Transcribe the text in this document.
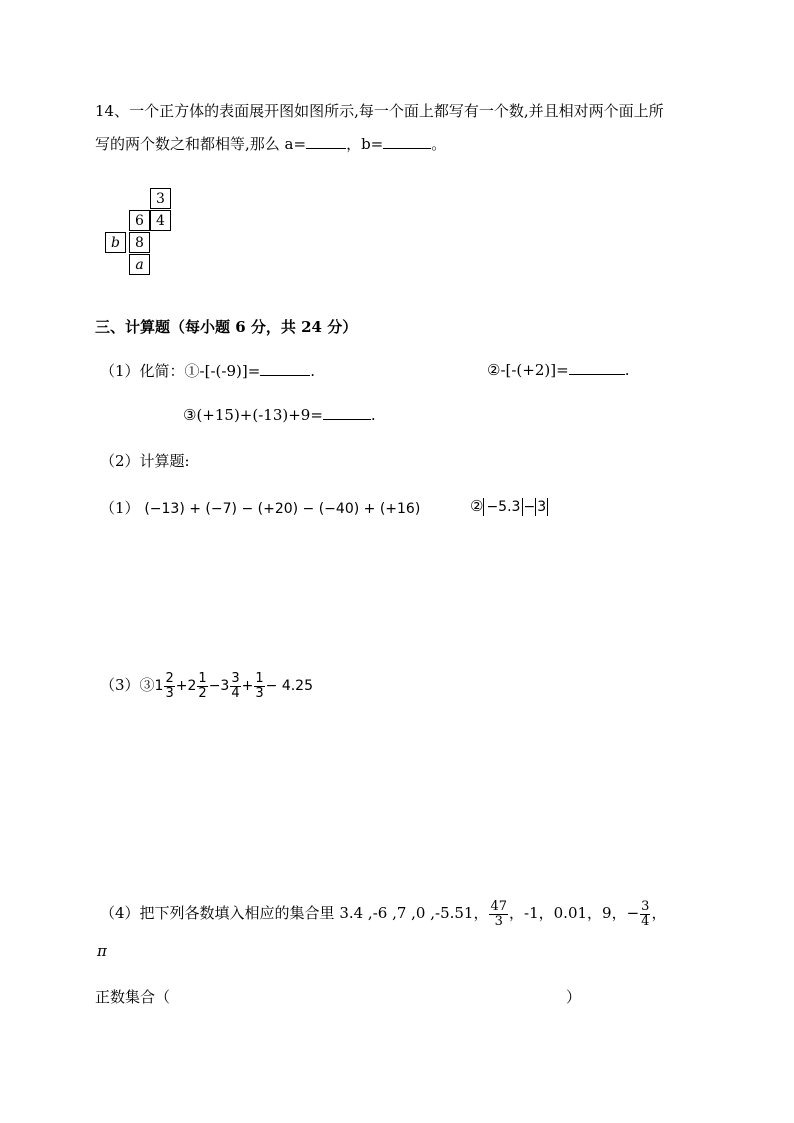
14、一个正方体的表面展开图如图所示,每一个面上都写有一个数,并且相对两个面上所
写的两个数之和都相等,那么 a=	，b=	。
3
6 4
b	8
a
三、计算题（每小题 6 分，共 24 分）
（1）化简：①-[-(-9)]=	.	②-[-(+2)]=	.
③(+15)+(-13)+9=	.
（2）计算题:
（1） (−13) + (−7) − (+20) − (−40) + (+16)	② −5.3 − 3
（3）③1 $\frac{2}{3} +2 \frac{1}{2} -3 \frac{3}{4} + \frac{1}{3} - 4.25$
（4）把下列各数填入相应的集合里 3.4 ,-6 ,7 ,0 ,-5.51， $\frac{47}{3}$ ，-1，0.01，9，− $\frac{3}{4}$ ，
π
正数集合（	）
